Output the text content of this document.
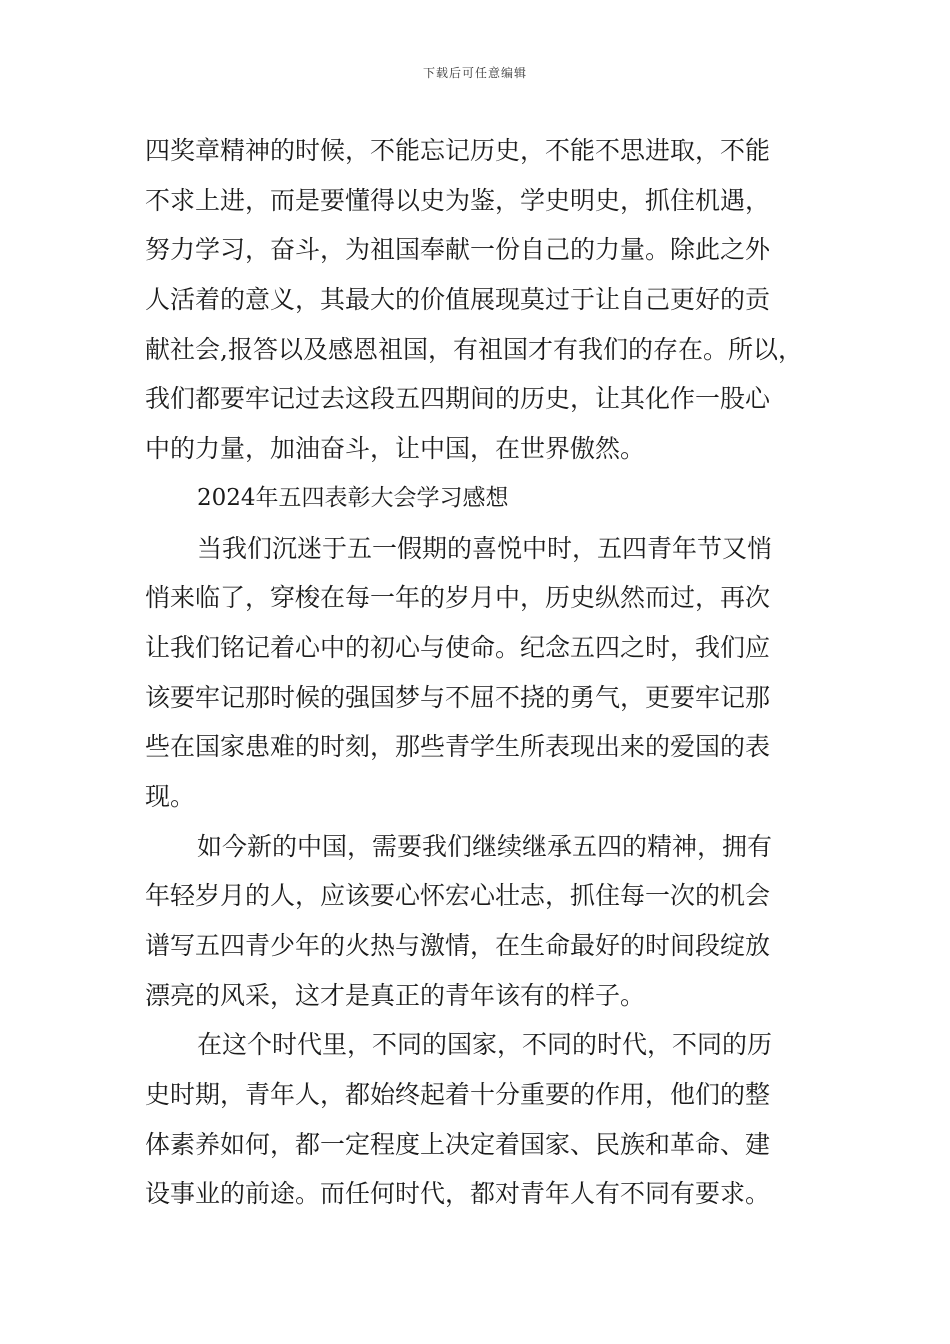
下载后可任意编辑
四奖章精神的时候，不能忘记历史，不能不思进取，不能
不求上进，而是要懂得以史为鉴，学史明史，抓住机遇，
努力学习，奋斗，为祖国奉献一份自己的力量。除此之外
人活着的意义，其最大的价值展现莫过于让自己更好的贡
献社会,报答以及感恩祖国，有祖国才有我们的存在。所以，
我们都要牢记过去这段五四期间的历史，让其化作一股心
中的力量，加油奋斗，让中国，在世界傲然。
2024年五四表彰大会学习感想
当我们沉迷于五一假期的喜悦中时，五四青年节又悄
悄来临了，穿梭在每一年的岁月中，历史纵然而过，再次
让我们铭记着心中的初心与使命。纪念五四之时，我们应
该要牢记那时候的强国梦与不屈不挠的勇气，更要牢记那
些在国家患难的时刻，那些青学生所表现出来的爱国的表
现。
如今新的中国，需要我们继续继承五四的精神，拥有
年轻岁月的人，应该要心怀宏心壮志，抓住每一次的机会
谱写五四青少年的火热与激情，在生命最好的时间段绽放
漂亮的风采，这才是真正的青年该有的样子。
在这个时代里，不同的国家，不同的时代，不同的历
史时期，青年人，都始终起着十分重要的作用，他们的整
体素养如何，都一定程度上决定着国家、民族和革命、建
设事业的前途。而任何时代，都对青年人有不同有要求。
